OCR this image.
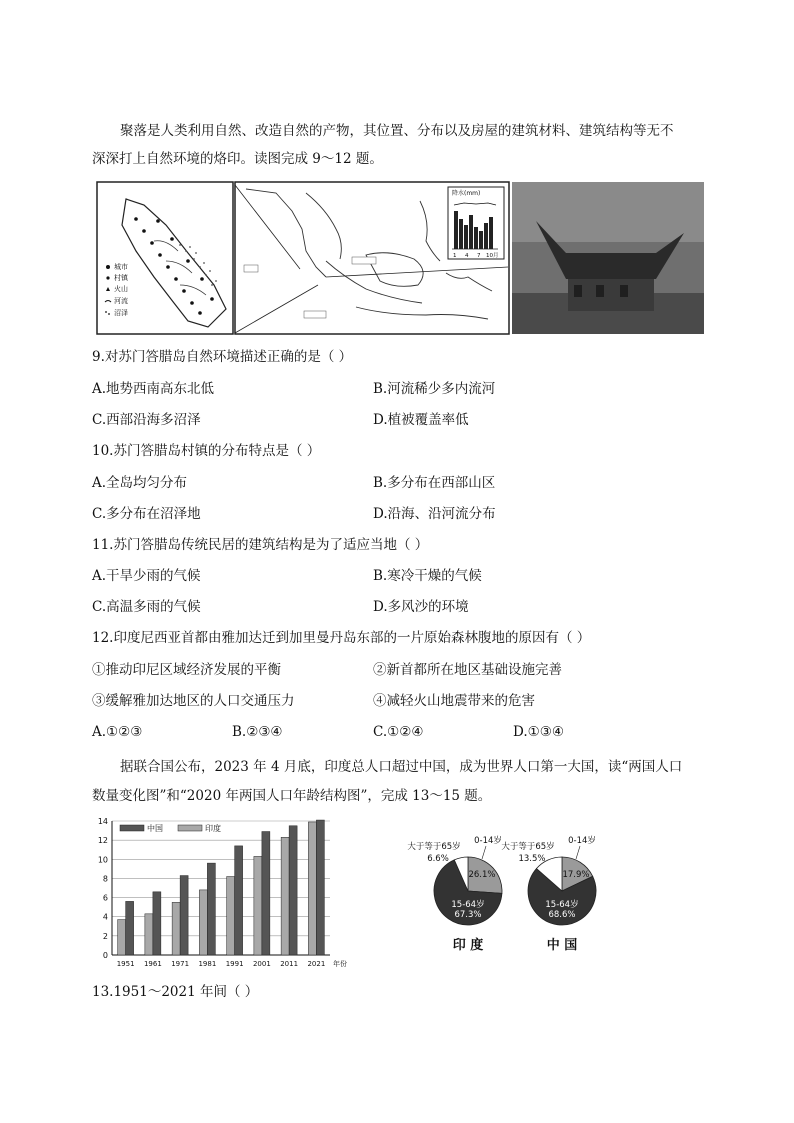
聚落是人类利用自然、改造自然的产物，其位置、分布以及房屋的建筑材料、建筑结构等无不
深深打上自然环境的烙印。读图完成 9～12 题。
城市
村镇
火山
河流
沼泽
降水(mm)
1 4 7 10月
9.对苏门答腊岛自然环境描述正确的是（ ）
A.地势西南高东北低	B.河流稀少多内流河
C.西部沿海多沼泽	D.植被覆盖率低
10.苏门答腊岛村镇的分布特点是（ ）
A.全岛均匀分布	B.多分布在西部山区
C.多分布在沼泽地	D.沿海、沿河流分布
11.苏门答腊岛传统民居的建筑结构是为了适应当地（ ）
A.干旱少雨的气候	B.寒冷干燥的气候
C.高温多雨的气候	D.多风沙的环境
12.印度尼西亚首都由雅加达迁到加里曼丹岛东部的一片原始森林腹地的原因有（ ）
①推动印尼区域经济发展的平衡	②新首都所在地区基础设施完善
③缓解雅加达地区的人口交通压力	④减轻火山地震带来的危害
A.①②③	B.②③④	C.①②④	D.①③④
据联合国公布，2023 年 4 月底，印度总人口超过中国，成为世界人口第一大国，读“两国人口
数量变化图”和“2020 年两国人口年龄结构图”，完成 13～15 题。
0
2
4
6
8
10
12
14
1951 1961 1971 1981 1991 2001 2011 2021 年份
中国	印度
26.1%
15-64岁
67.3%
大于等于65岁
6.6%
0-14岁
印 度
17.9%
15-64岁
68.6%
大于等于65岁
13.5%
0-14岁
中 国
13.1951～2021 年间（ ）
